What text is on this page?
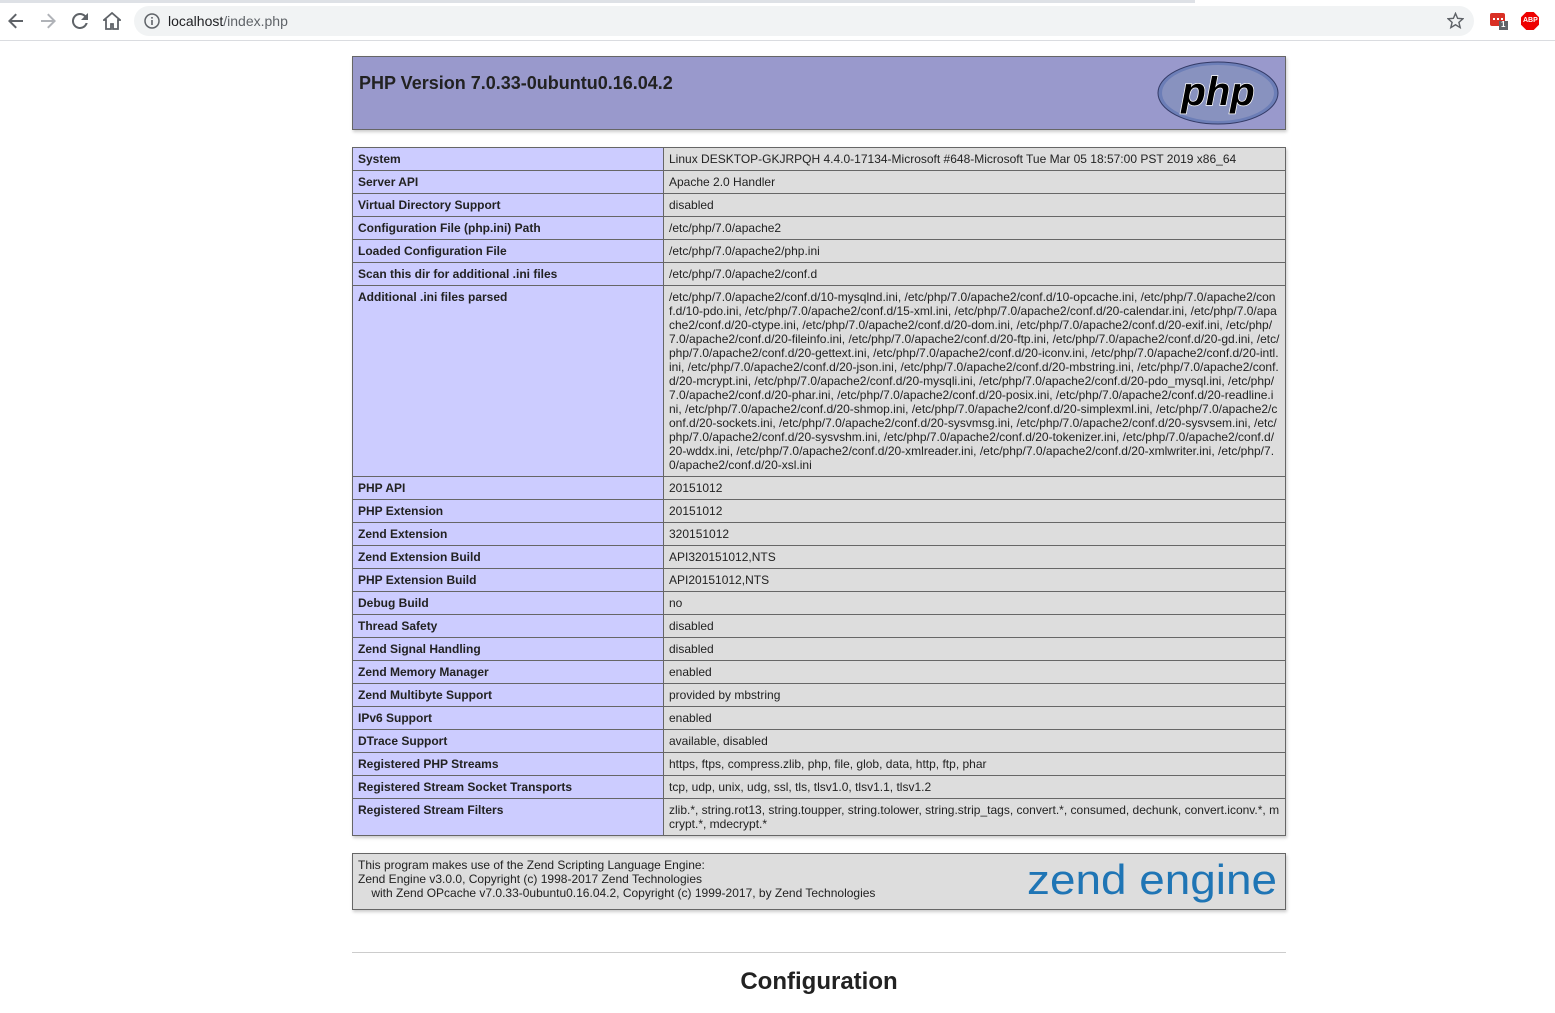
localhost/index.php	1	ABP
PHP Version 7.0.33-0ubuntu0.16.04.2	php
System	Linux DESKTOP-GKJRPQH 4.4.0-17134-Microsoft #648-Microsoft Tue Mar 05 18:57:00 PST 2019 x86_64
Server API	Apache 2.0 Handler
Virtual Directory Support	disabled
Configuration File (php.ini) Path	/etc/php/7.0/apache2
Loaded Configuration File	/etc/php/7.0/apache2/php.ini
Scan this dir for additional .ini files	/etc/php/7.0/apache2/conf.d
Additional .ini files parsed	/etc/php/7.0/apache2/conf.d/10-mysqlnd.ini, /etc/php/7.0/apache2/conf.d/10-opcache.ini, /etc/php/7.0/apache2/conf.d/10-pdo.ini, /etc/php/7.0/apache2/conf.d/15-xml.ini, /etc/php/7.0/apache2/conf.d/20-calendar.ini, /etc/php/7.0/apache2/conf.d/20-ctype.ini, /etc/php/7.0/apache2/conf.d/20-dom.ini, /etc/php/7.0/apache2/conf.d/20-exif.ini, /etc/php/7.0/apache2/conf.d/20-fileinfo.ini, /etc/php/7.0/apache2/conf.d/20-ftp.ini, /etc/php/7.0/apache2/conf.d/20-gd.ini, /etc/php/7.0/apache2/conf.d/20-gettext.ini, /etc/php/7.0/apache2/conf.d/20-iconv.ini, /etc/php/7.0/apache2/conf.d/20-intl.ini, /etc/php/7.0/apache2/conf.d/20-json.ini, /etc/php/7.0/apache2/conf.d/20-mbstring.ini, /etc/php/7.0/apache2/conf.d/20-mcrypt.ini, /etc/php/7.0/apache2/conf.d/20-mysqli.ini, /etc/php/7.0/apache2/conf.d/20-pdo_mysql.ini, /etc/php/7.0/apache2/conf.d/20-phar.ini, /etc/php/7.0/apache2/conf.d/20-posix.ini, /etc/php/7.0/apache2/conf.d/20-readline.ini, /etc/php/7.0/apache2/conf.d/20-shmop.ini, /etc/php/7.0/apache2/conf.d/20-simplexml.ini, /etc/php/7.0/apache2/conf.d/20-sockets.ini, /etc/php/7.0/apache2/conf.d/20-sysvmsg.ini, /etc/php/7.0/apache2/conf.d/20-sysvsem.ini, /etc/php/7.0/apache2/conf.d/20-sysvshm.ini, /etc/php/7.0/apache2/conf.d/20-tokenizer.ini, /etc/php/7.0/apache2/conf.d/20-wddx.ini, /etc/php/7.0/apache2/conf.d/20-xmlreader.ini, /etc/php/7.0/apache2/conf.d/20-xmlwriter.ini, /etc/php/7.0/apache2/conf.d/20-xsl.ini
PHP API	20151012
PHP Extension	20151012
Zend Extension	320151012
Zend Extension Build	API320151012,NTS
PHP Extension Build	API20151012,NTS
Debug Build	no
Thread Safety	disabled
Zend Signal Handling	disabled
Zend Memory Manager	enabled
Zend Multibyte Support	provided by mbstring
IPv6 Support	enabled
DTrace Support	available, disabled
Registered PHP Streams	https, ftps, compress.zlib, php, file, glob, data, http, ftp, phar
Registered Stream Socket Transports	tcp, udp, unix, udg, ssl, tls, tlsv1.0, tlsv1.1, tlsv1.2
Registered Stream Filters	zlib.*, string.rot13, string.toupper, string.tolower, string.strip_tags, convert.*, consumed, dechunk, convert.iconv.*, mcrypt.*, mdecrypt.*
This program makes use of the Zend Scripting Language Engine:
Zend Engine v3.0.0, Copyright (c) 1998-2017 Zend Technologies
with Zend OPcache v7.0.33-0ubuntu0.16.04.2, Copyright (c) 1999-2017, by Zend Technologies	zend engine
Configuration
